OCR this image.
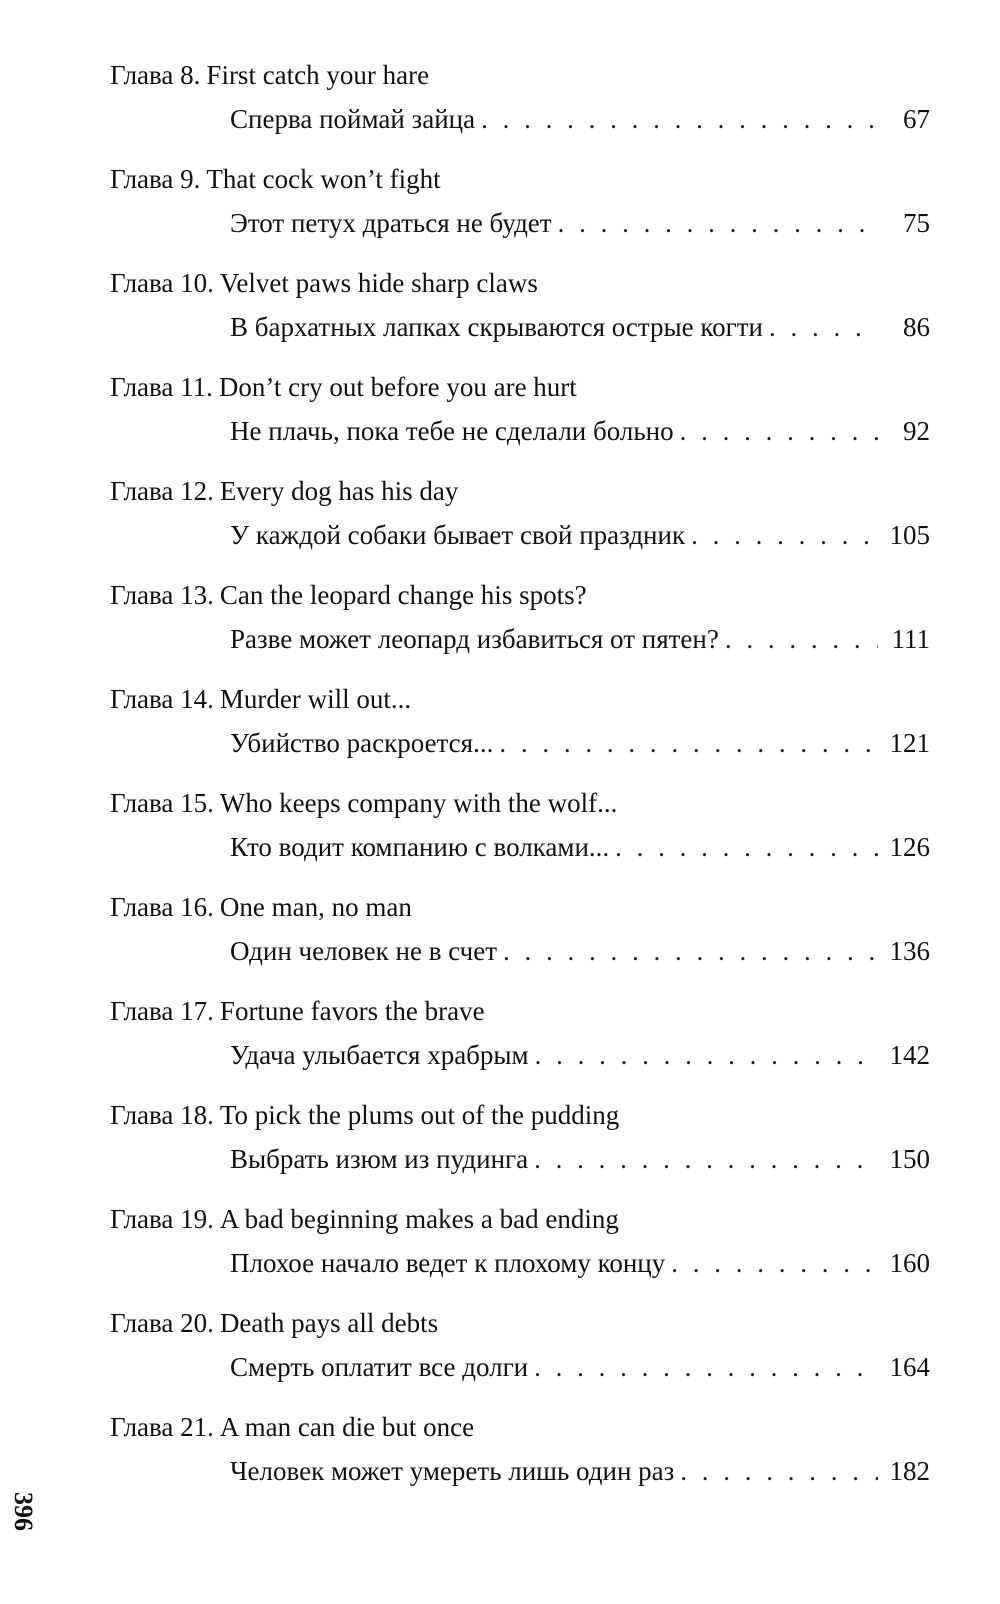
Глава 8. First catch your hare
Сперва поймай зайца . . .	67
Глава 9. That cock won’t fight
Этот петух драться не будет . . .	75
Глава 10. Velvet paws hide sharp claws
В бархатных лапках скрываются острые когти . . .	86
Глава 11. Don’t cry out before you are hurt
Не плачь, пока тебе не сделали больно . . .	92
Глава 12. Every dog has his day
У каждой собаки бывает свой праздник . . .	105
Глава 13. Can the leopard change his spots?
Разве может леопард избавиться от пятен? . . .	111
Глава 14. Murder will out...
Убийство раскроется... . . .	121
Глава 15. Who keeps company with the wolf...
Кто водит компанию с волками... . . .	126
Глава 16. One man, no man
Один человек не в счет . . .	136
Глава 17. Fortune favors the brave
Удача улыбается храбрым . . .	142
Глава 18. To pick the plums out of the pudding
Выбрать изюм из пудинга . . .	150
Глава 19. A bad beginning makes a bad ending
Плохое начало ведет к плохому концу . . .	160
Глава 20. Death pays all debts
Смерть оплатит все долги . . .	164
Глава 21. A man can die but once
Человек может умереть лишь один раз . . .	182
396
